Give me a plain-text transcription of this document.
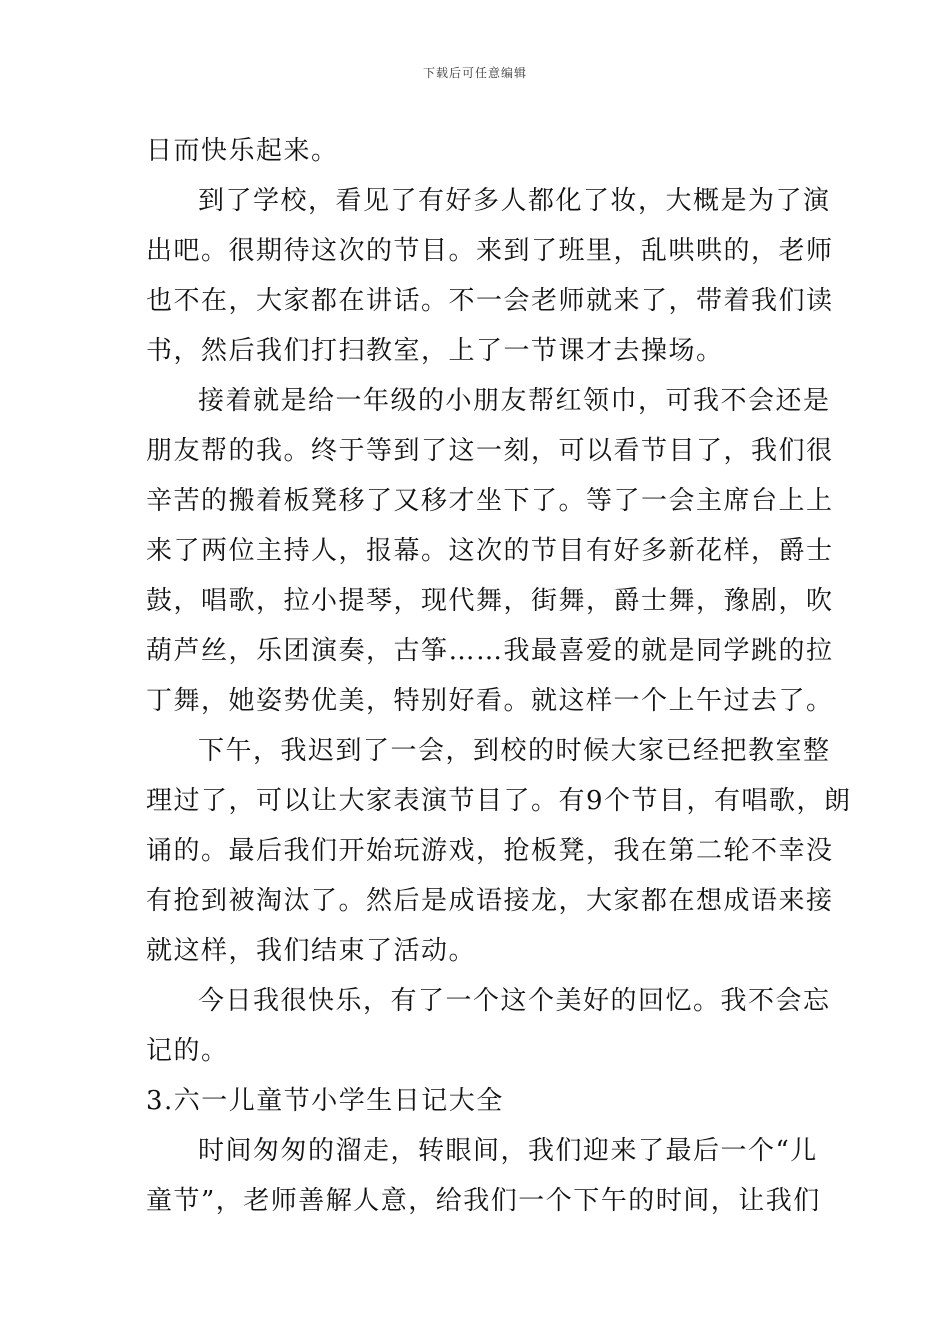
下载后可任意编辑
日而快乐起来。
到了学校，看见了有好多人都化了妆，大概是为了演
出吧。很期待这次的节目。来到了班里，乱哄哄的，老师
也不在，大家都在讲话。不一会老师就来了，带着我们读
书，然后我们打扫教室，上了一节课才去操场。
接着就是给一年级的小朋友帮红领巾，可我不会还是
朋友帮的我。终于等到了这一刻，可以看节目了，我们很
辛苦的搬着板凳移了又移才坐下了。等了一会主席台上上
来了两位主持人，报幕。这次的节目有好多新花样，爵士
鼓，唱歌，拉小提琴，现代舞，街舞，爵士舞，豫剧，吹
葫芦丝，乐团演奏，古筝……我最喜爱的就是同学跳的拉
丁舞，她姿势优美，特别好看。就这样一个上午过去了。
下午，我迟到了一会，到校的时候大家已经把教室整
理过了，可以让大家表演节目了。有9个节目，有唱歌，朗
诵的。最后我们开始玩游戏，抢板凳，我在第二轮不幸没
有抢到被淘汰了。然后是成语接龙，大家都在想成语来接
就这样，我们结束了活动。
今日我很快乐，有了一个这个美好的回忆。我不会忘
记的。
3.六一儿童节小学生日记大全
时间匆匆的溜走，转眼间，我们迎来了最后一个“儿
童节”，老师善解人意，给我们一个下午的时间，让我们
